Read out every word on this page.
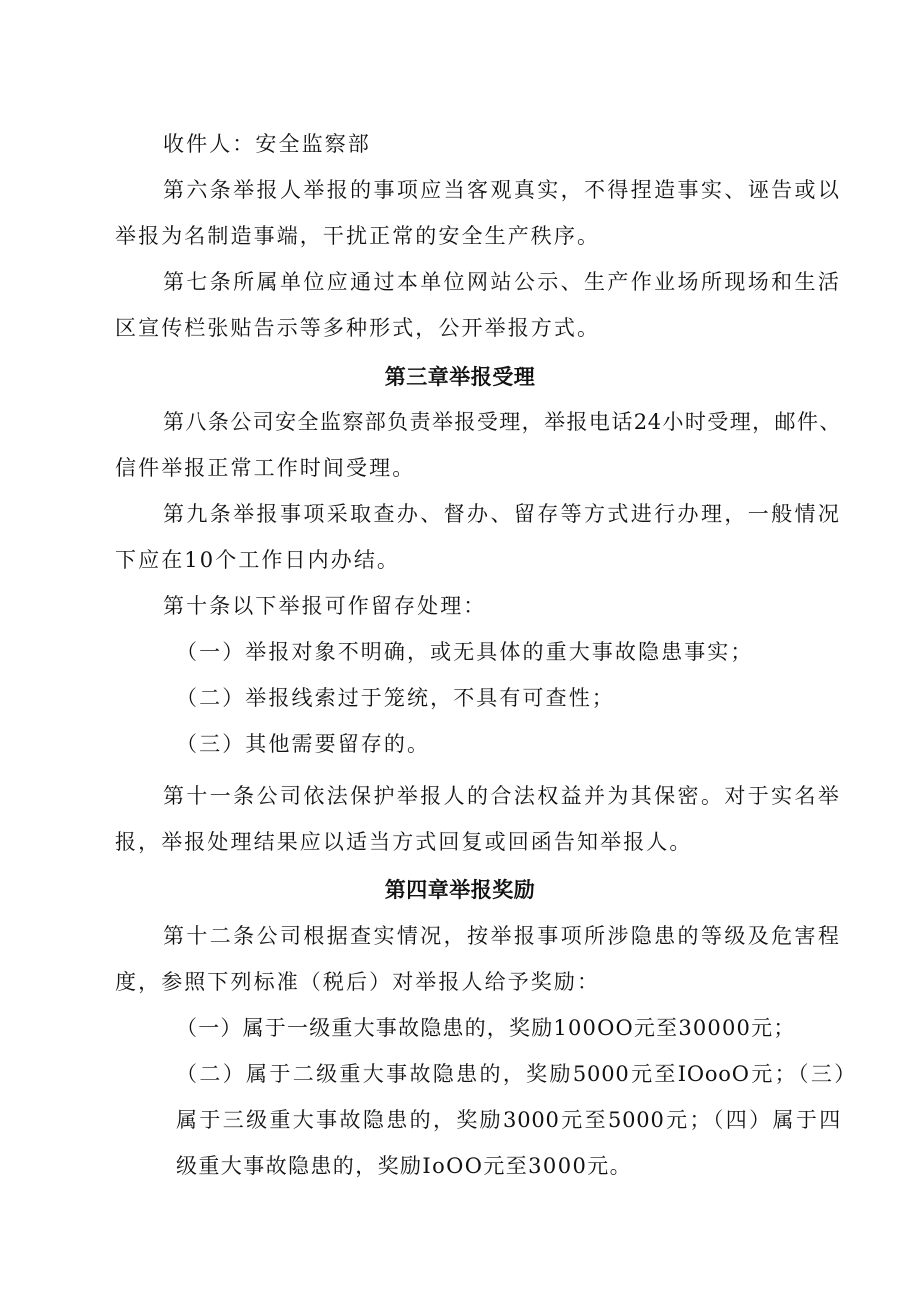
收件人：安全监察部
第六条举报人举报的事项应当客观真实，不得捏造事实、诬告或以
举报为名制造事端，干扰正常的安全生产秩序。
第七条所属单位应通过本单位网站公示、生产作业场所现场和生活
区宣传栏张贴告示等多种形式，公开举报方式。
第三章举报受理
第八条公司安全监察部负责举报受理，举报电话24小时受理，邮件、
信件举报正常工作时间受理。
第九条举报事项采取查办、督办、留存等方式进行办理，一般情况
下应在10个工作日内办结。
第十条以下举报可作留存处理：
（一）举报对象不明确，或无具体的重大事故隐患事实；
（二）举报线索过于笼统，不具有可查性；
（三）其他需要留存的。
第十一条公司依法保护举报人的合法权益并为其保密。对于实名举
报，举报处理结果应以适当方式回复或回函告知举报人。
第四章举报奖励
第十二条公司根据查实情况，按举报事项所涉隐患的等级及危害程
度，参照下列标准（税后）对举报人给予奖励：
（一）属于一级重大事故隐患的，奖励100OO元至30000元；
（二）属于二级重大事故隐患的，奖励5000元至IOooO元；（三）
属于三级重大事故隐患的，奖励3000元至5000元；（四）属于四
级重大事故隐患的，奖励IoOO元至3000元。
